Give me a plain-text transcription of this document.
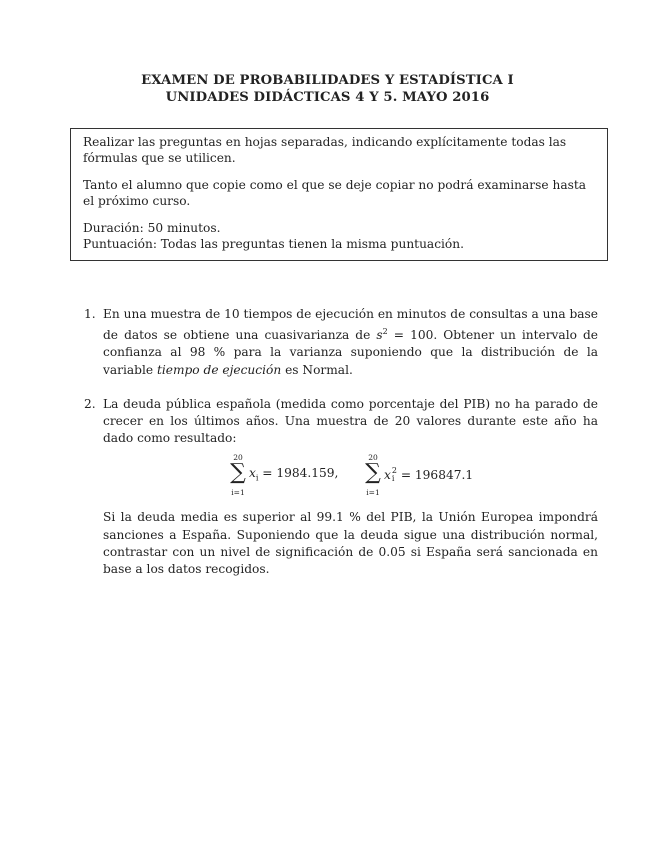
EXAMEN DE PROBABILIDADES Y ESTADÍSTICA I
UNIDADES DIDÁCTICAS 4 Y 5. MAYO 2016

Realizar las preguntas en hojas separadas, indicando explícitamente todas las fórmulas que se utilicen.

Tanto el alumno que copie como el que se deje copiar no podrá examinarse hasta el próximo curso.

Duración: 50 minutos.

Puntuación: Todas las preguntas tienen la misma puntuación.

1. En una muestra de 10 tiempos de ejecución en minutos de consultas a una base de datos se obtiene una cuasivarianza de $s^2 = 100$. Obtener un intervalo de confianza al 98 % para la varianza suponiendo que la distribución de la variable tiempo de ejecución es Normal.
2. La deuda pública española (medida como porcentaje del PIB) no ha parado de crecer en los últimos años. Una muestra de 20 valores durante este año ha dado como resultado:
20
∑
i=1
$x_i = 1984.159$,
20
∑
i=1
x 2
i = 196847.1
Si la deuda media es superior al 99.1 % del PIB, la Unión Europea impondrá sanciones a España. Suponiendo que la deuda sigue una distribución normal, contrastar con un nivel de significación de 0.05 si España será sancionada en base a los datos recogidos.
